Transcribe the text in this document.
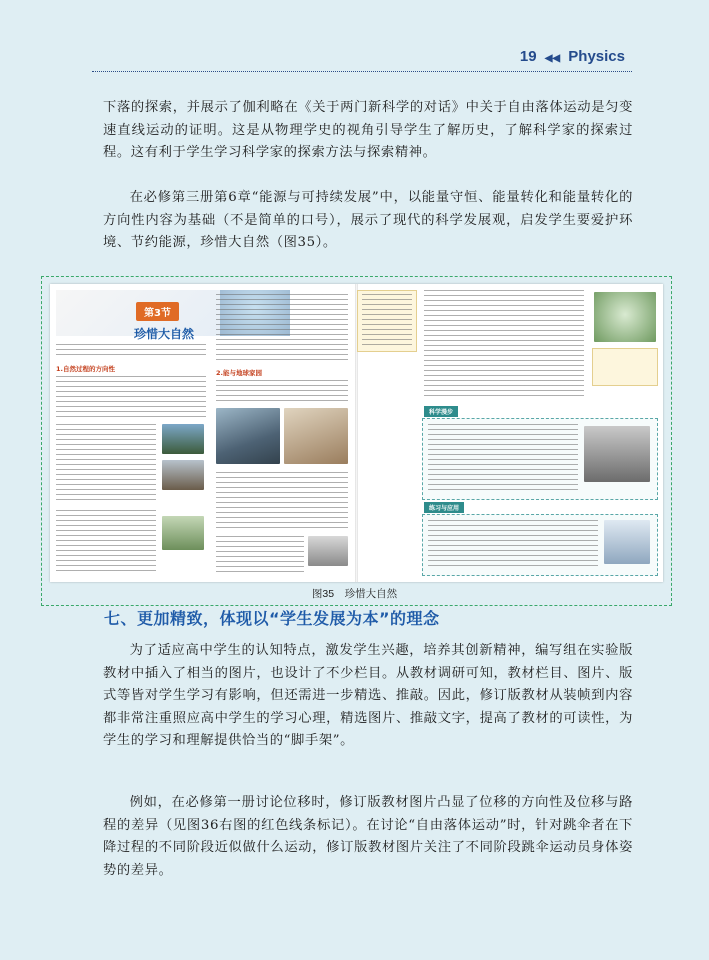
19 ◀◀ Physics

下落的探索，并展示了伽利略在《关于两门新科学的对话》中关于自由落体运动是匀变速直线运动的证明。这是从物理学史的视角引导学生了解历史，了解科学家的探索过程。这有利于学生学习科学家的探索方法与探索精神。

在必修第三册第6章“能源与可持续发展”中，以能量守恒、能量转化和能量转化的方向性内容为基础（不是简单的口号），展示了现代的科学发展观，启发学生要爱护环境、节约能源，珍惜大自然（图35）。

第3节
珍惜大自然
1.自然过程的方向性	2.能与地球家园
科学漫步
练习与应用
图35　珍惜大自然
七、更加精致，体现以“学生发展为本”的理念

为了适应高中学生的认知特点，激发学生兴趣，培养其创新精神，编写组在实验版教材中插入了相当的图片，也设计了不少栏目。从教材调研可知，教材栏目、图片、版式等皆对学生学习有影响，但还需进一步精选、推敲。因此，修订版教材从装帧到内容都非常注重照应高中学生的学习心理，精选图片、推敲文字，提高了教材的可读性，为学生的学习和理解提供恰当的“脚手架”。

例如，在必修第一册讨论位移时，修订版教材图片凸显了位移的方向性及位移与路程的差异（见图36右图的红色线条标记）。在讨论“自由落体运动”时，针对跳伞者在下降过程的不同阶段近似做什么运动，修订版教材图片关注了不同阶段跳伞运动员身体姿势的差异。
